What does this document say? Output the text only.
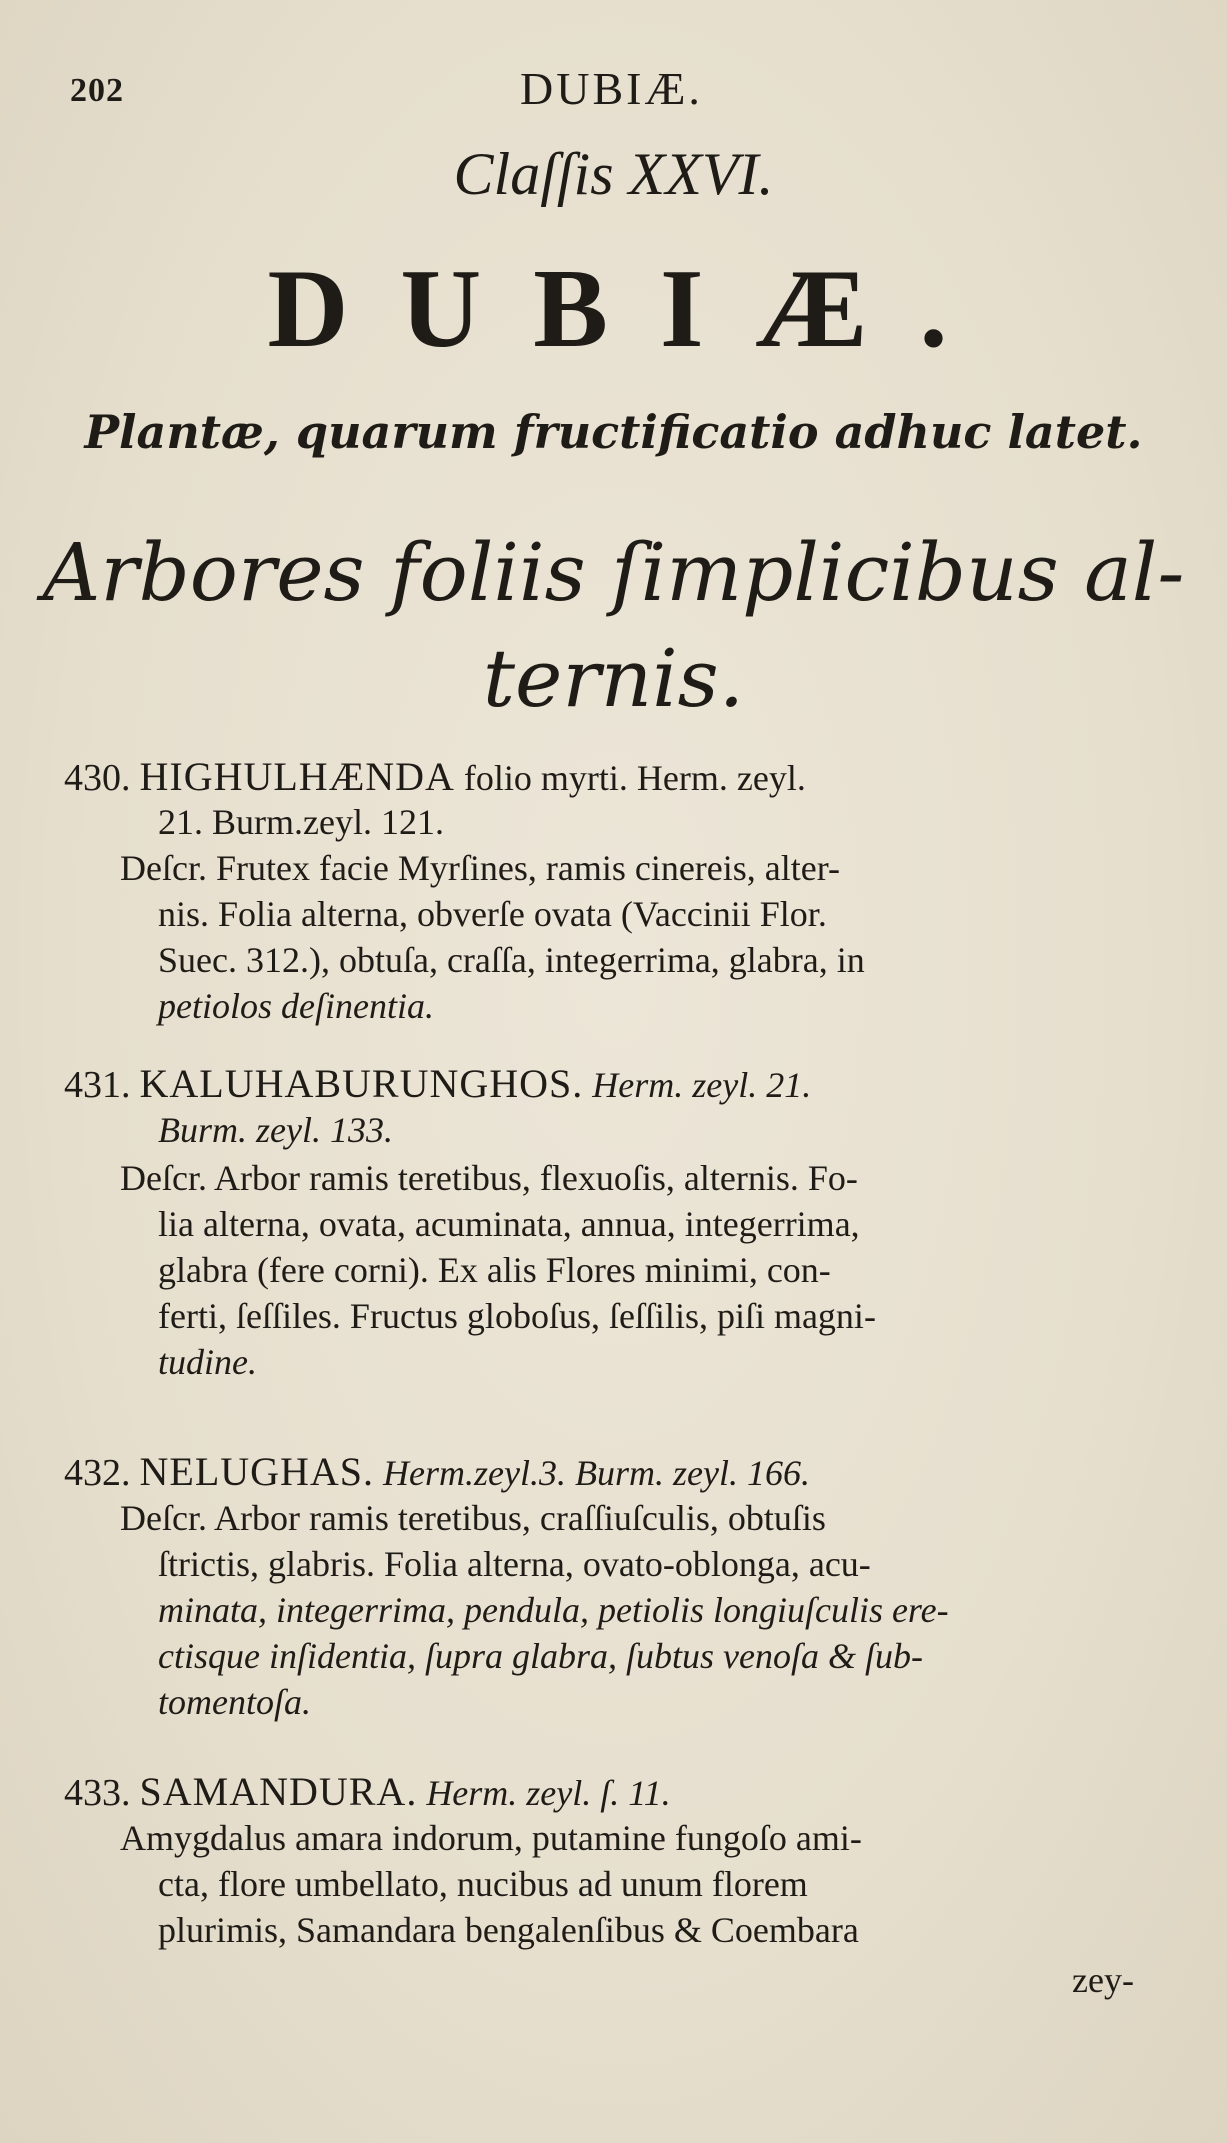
202	DUBIÆ.
Claſſis XXVI.
DUBIÆ.
Plantæ, quarum fructificatio adhuc latet.
Arbores foliis ſimplicibus al-
ternis.
430. HIGHULHÆNDA folio myrti. Herm. zeyl.
21. Burm.zeyl. 121.
Deſcr. Frutex facie Myrſines, ramis cinereis, alter-
nis. Folia alterna, obverſe ovata (Vaccinii Flor.
Suec. 312.), obtuſa, craſſa, integerrima, glabra, in
petiolos deſinentia.
431. KALUHABURUNGHOS. Herm. zeyl. 21.
Burm. zeyl. 133.
Deſcr. Arbor ramis teretibus, flexuoſis, alternis. Fo-
lia alterna, ovata, acuminata, annua, integerrima,
glabra (fere corni). Ex alis Flores minimi, con-
ferti, ſeſſiles. Fructus globoſus, ſeſſilis, piſi magni-
tudine.
432. NELUGHAS. Herm.zeyl.3. Burm. zeyl. 166.
Deſcr. Arbor ramis teretibus, craſſiuſculis, obtuſis
ſtrictis, glabris. Folia alterna, ovato-oblonga, acu-
minata, integerrima, pendula, petiolis longiuſculis ere-
ctisque inſidentia, ſupra glabra, ſubtus venoſa & ſub-
tomentoſa.
433. SAMANDURA. Herm. zeyl. ſ. 11.
Amygdalus amara indorum, putamine fungoſo ami-
cta, flore umbellato, nucibus ad unum florem
plurimis, Samandara bengalenſibus & Coembara
zey-
